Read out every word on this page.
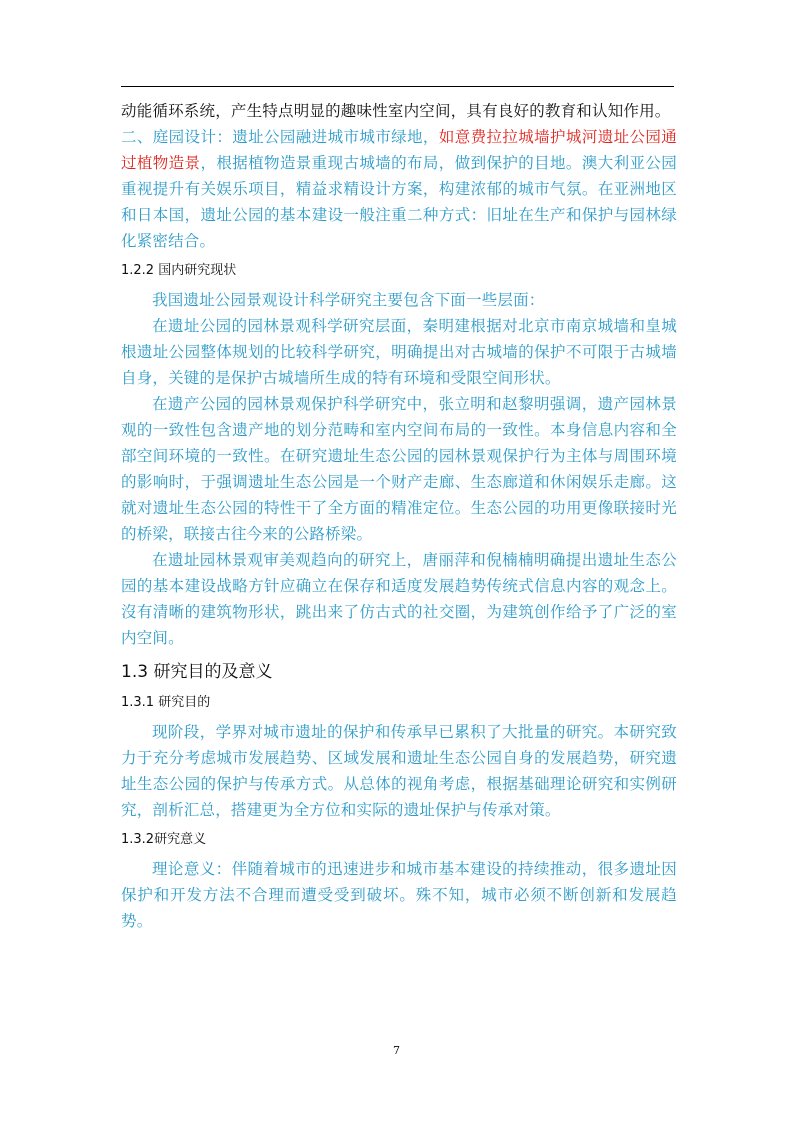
动能循环系统，产生特点明显的趣味性室内空间，具有良好的教育和认知作用。

二、庭园设计：遗址公园融进城市城市绿地，如意费拉拉城墙护城河遗址公园通过植物造景，根据植物造景重现古城墙的布局，做到保护的目地。澳大利亚公园重视提升有关娱乐项目，精益求精设计方案，构建浓郁的城市气氛。在亚洲地区和日本国，遗址公园的基本建设一般注重二种方式：旧址在生产和保护与园林绿化紧密结合。

1.2.2 国内研究现状

我国遗址公园景观设计科学研究主要包含下面一些层面：

在遗址公园的园林景观科学研究层面，秦明建根据对北京市南京城墙和皇城根遗址公园整体规划的比较科学研究，明确提出对古城墙的保护不可限于古城墙自身，关键的是保护古城墙所生成的特有环境和受限空间形状。

在遗产公园的园林景观保护科学研究中，张立明和赵黎明强调，遗产园林景观的一致性包含遗产地的划分范畴和室内空间布局的一致性。本身信息内容和全部空间环境的一致性。在研究遗址生态公园的园林景观保护行为主体与周围环境的影响时，于强调遗址生态公园是一个财产走廊、生态廊道和休闲娱乐走廊。这就对遗址生态公园的特性干了全方面的精准定位。生态公园的功用更像联接时光的桥梁，联接古往今来的公路桥梁。

在遗址园林景观审美观趋向的研究上，唐丽萍和倪楠楠明确提出遗址生态公园的基本建设战略方针应确立在保存和适度发展趋势传统式信息内容的观念上。沒有清晰的建筑物形状，跳出来了仿古式的社交圈，为建筑创作给予了广泛的室内空间。

1.3 研究目的及意义
1.3.1 研究目的

现阶段，学界对城市遗址的保护和传承早已累积了大批量的研究。本研究致力于充分考虑城市发展趋势、区域发展和遗址生态公园自身的发展趋势，研究遗址生态公园的保护与传承方式。从总体的视角考虑，根据基础理论研究和实例研究，剖析汇总，搭建更为全方位和实际的遗址保护与传承对策。

1.3.2研究意义

理论意义：伴随着城市的迅速进步和城市基本建设的持续推动，很多遗址因保护和开发方法不合理而遭受受到破坏。殊不知，城市必须不断创新和发展趋势。

7
